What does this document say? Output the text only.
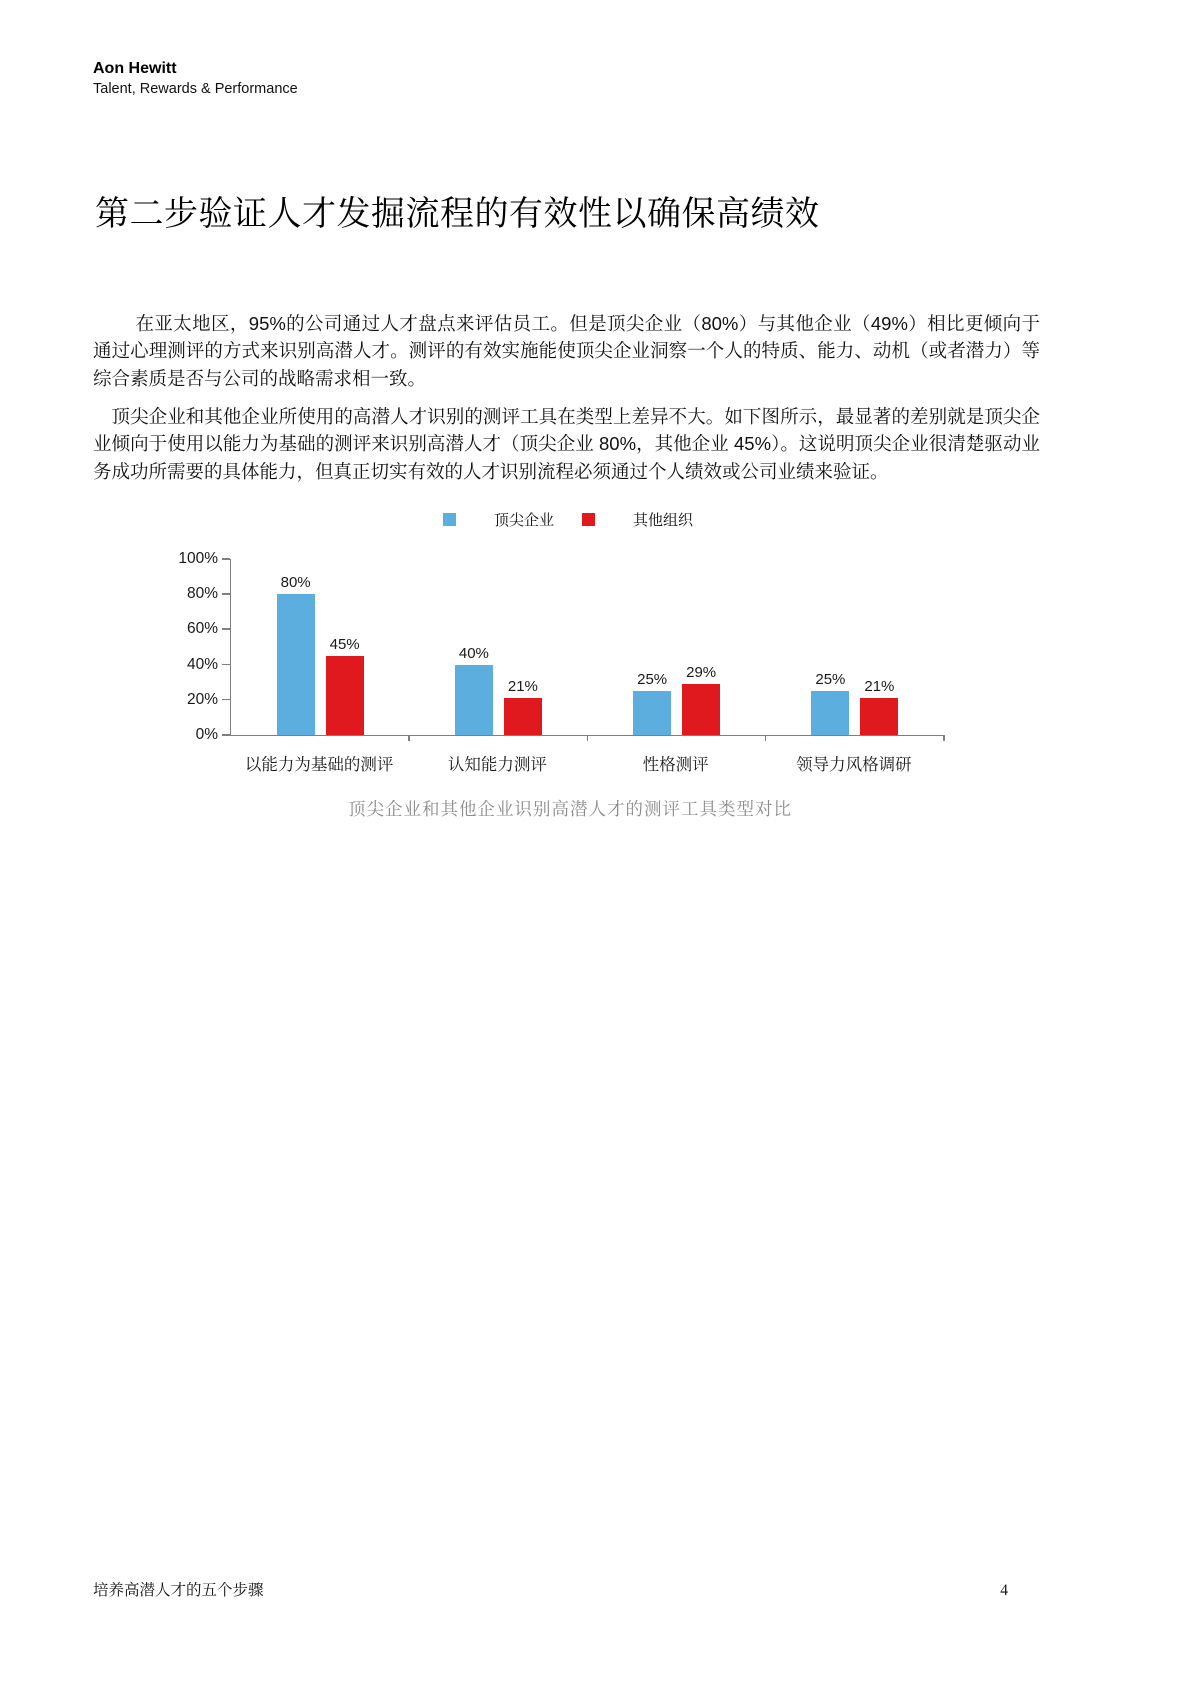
Aon Hewitt
Talent, Rewards & Performance
第二步验证人才发掘流程的有效性以确保高绩效

在亚太地区，95%的公司通过人才盘点来评估员工。但是顶尖企业（80%）与其他企业（49%）相比更倾向于通过心理测评的方式来识别高潜人才。测评的有效实施能使顶尖企业洞察一个人的特质、能力、动机（或者潜力）等综合素质是否与公司的战略需求相一致。

顶尖企业和其他企业所使用的高潜人才识别的测评工具在类型上差异不大。如下图所示，最显著的差别就是顶尖企业倾向于使用以能力为基础的测评来识别高潜人才（顶尖企业 80%，其他企业 45%）。这说明顶尖企业很清楚驱动业务成功所需要的具体能力，但真正切实有效的人才识别流程必须通过个人绩效或公司业绩来验证。

顶尖企业	其他组织
100%
80%
60%
40%
20%
0%
80%
45%
40%
21%	25% 29%	25% 21%
以能力为基础的测评	认知能力测评	性格测评	领导力风格调研
顶尖企业和其他企业识别高潜人才的测评工具类型对比
培养高潜人才的五个步骤	4
